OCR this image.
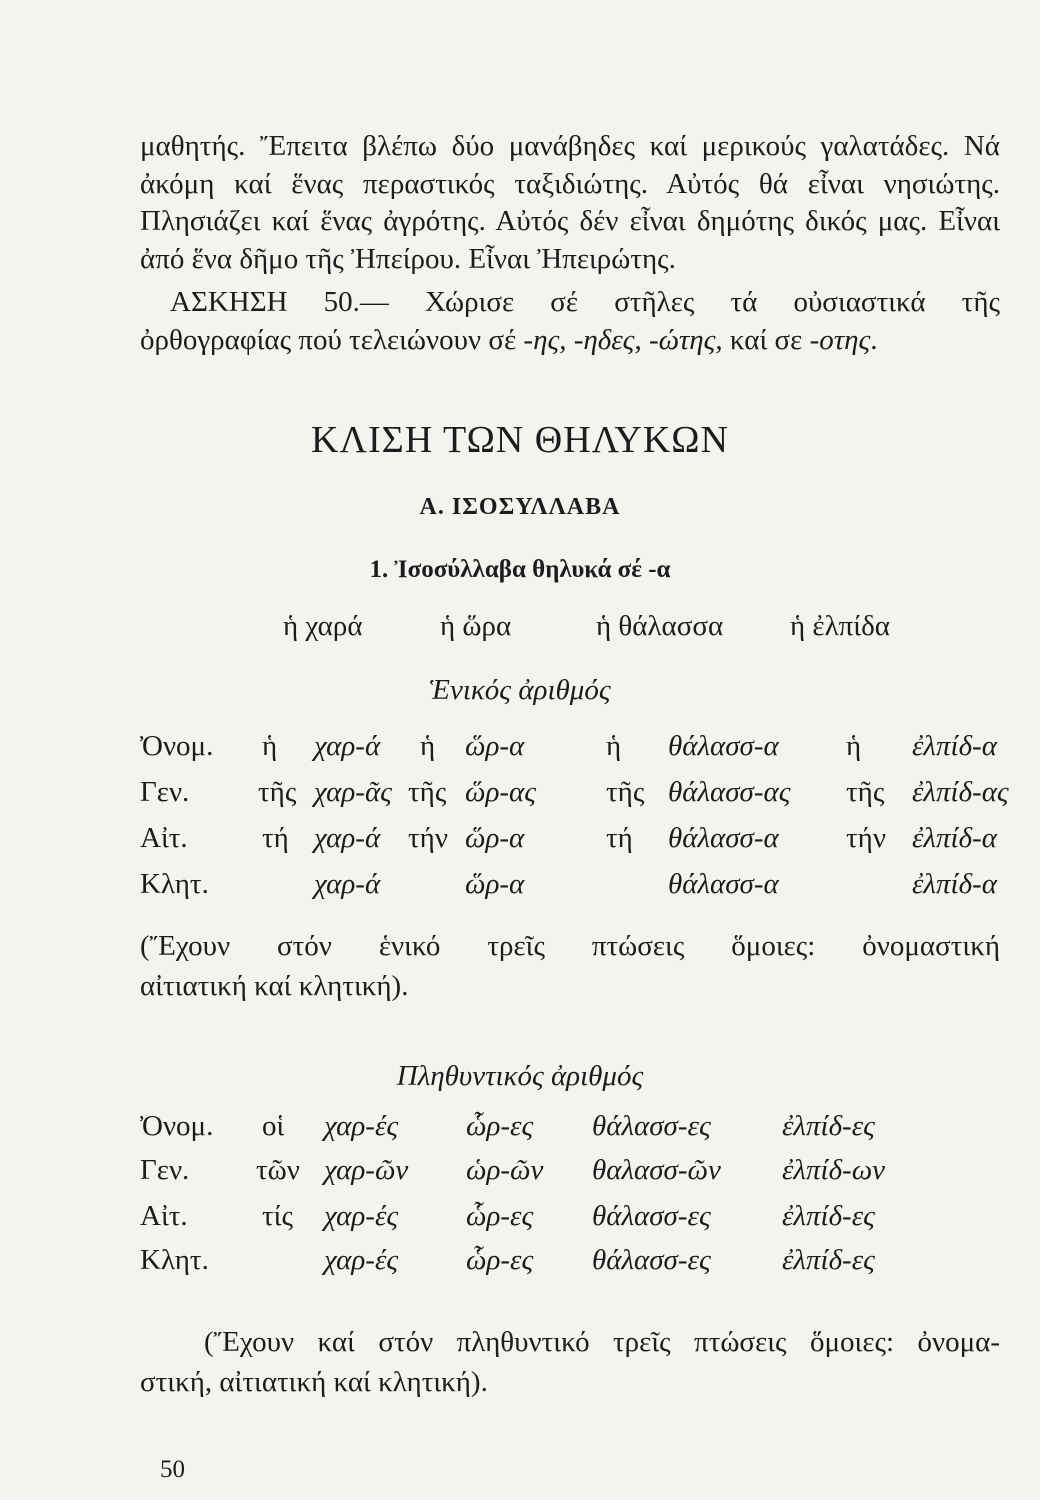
μαθητής. Ἔπειτα βλέπω δύο μανάβηδες καί μερικούς γαλατάδες. Νά
ἀκόμη καί ἕνας περαστικός ταξιδιώτης. Αὐτός θά εἶναι νησιώτης.
Πλησιάζει καί ἕνας ἀγρότης. Αὐτός δέν εἶναι δημότης δικός μας. Εἶναι
ἀπό ἕνα δῆμο τῆς Ἠπείρου. Εἶναι Ἠπειρώτης.
ΑΣΚΗΣΗ 50.— Χώρισε σέ στῆλες τά οὐσιαστικά τῆς
ὀρθογραφίας πού τελειώνουν σέ -ης, -ηδες, -ώτης, καί σε -οτης.
ΚΛΙΣΗ ΤΩΝ ΘΗΛΥΚΩΝ
Α. ΙΣΟΣΥΛΛΑΒΑ
1. Ἰσοσύλλαβα θηλυκά σέ -α
ἡ χαρά	ἡ ὥρα	ἡ θάλασσα ἡ ἐλπίδα
Ἑνικός ἀριθμός
Ὀνομ. ἡ χαρ-ά ἡ ὥρ-α	ἡ θάλασσ-α ἡ ἐλπίδ-α
Γεν. τῆς χαρ-ᾶς τῆς ὥρ-ας τῆς θάλασσ-ας τῆς ἐλπίδ-ας
Αἰτ.	τή χαρ-ά τήν ὥρ-α	τή θάλασσ-α τήν ἐλπίδ-α
Κλητ.	χαρ-ά	ὥρ-α	θάλασσ-α	ἐλπίδ-α
(Ἔχουν στόν ἑνικό τρεῖς πτώσεις ὅμοιες: ὀνομαστική
αἰτιατική καί κλητική).
Πληθυντικός ἀριθμός
Ὀνομ. οἱ χαρ-ές ὧρ-ες θάλασσ-ες ἐλπίδ-ες
Γεν. τῶν χαρ-ῶν ὡρ-ῶν θαλασσ-ῶν ἐλπίδ-ων
Αἰτ.	τίς χαρ-ές ὧρ-ες θάλασσ-ες ἐλπίδ-ες
Κλητ.	χαρ-ές ὧρ-ες θάλασσ-ες ἐλπίδ-ες
(Ἔχουν καί στόν πληθυντικό τρεῖς πτώσεις ὅμοιες: ὀνομα-
στική, αἰτιατική καί κλητική).
50
